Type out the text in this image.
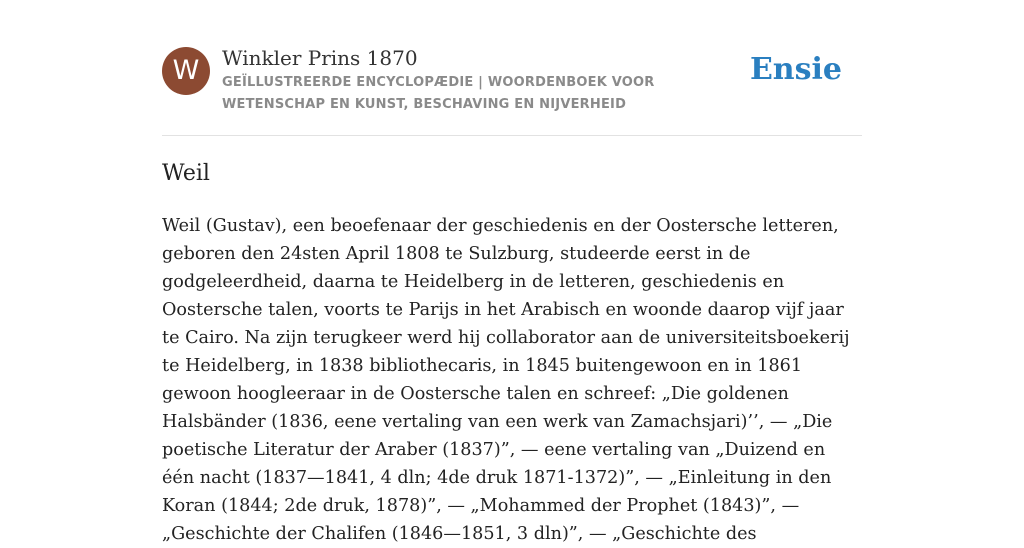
W	Winkler Prins 1870
GEÏLLUSTREERDE ENCYCLOPÆDIE | WOORDENBOEK VOOR WETENSCHAP EN KUNST, BESCHAVING EN NIJVERHEID
Ensie
Weil

Weil (Gustav), een beoefenaar der geschiedenis en der Oostersche letteren, geboren den 24sten April 1808 te Sulzburg, studeerde eerst in de godgeleerdheid, daarna te Heidelberg in de letteren, geschiedenis en Oostersche talen, voorts te Parijs in het Arabisch en woonde daarop vijf jaar te Cairo. Na zijn terugkeer werd hij collaborator aan de universiteitsboekerij te Heidelberg, in 1838 bibliothecaris, in 1845 buitengewoon en in 1861 gewoon hoogleeraar in de Oostersche talen en schreef: „Die goldenen Halsbänder (1836, eene vertaling van een werk van Zamachsjari)’’, — „Die poetische Literatur der Araber (1837)”, — eene vertaling van „Duizend en één nacht (1837—1841, 4 dln; 4de druk 1871-1372)”, — „Einleitung in den Koran (1844; 2de druk, 1878)”, — „Mohammed der Prophet (1843)”, — „Geschichte der Chalifen (1846—1851, 3 dln)”, — „Geschichte des
